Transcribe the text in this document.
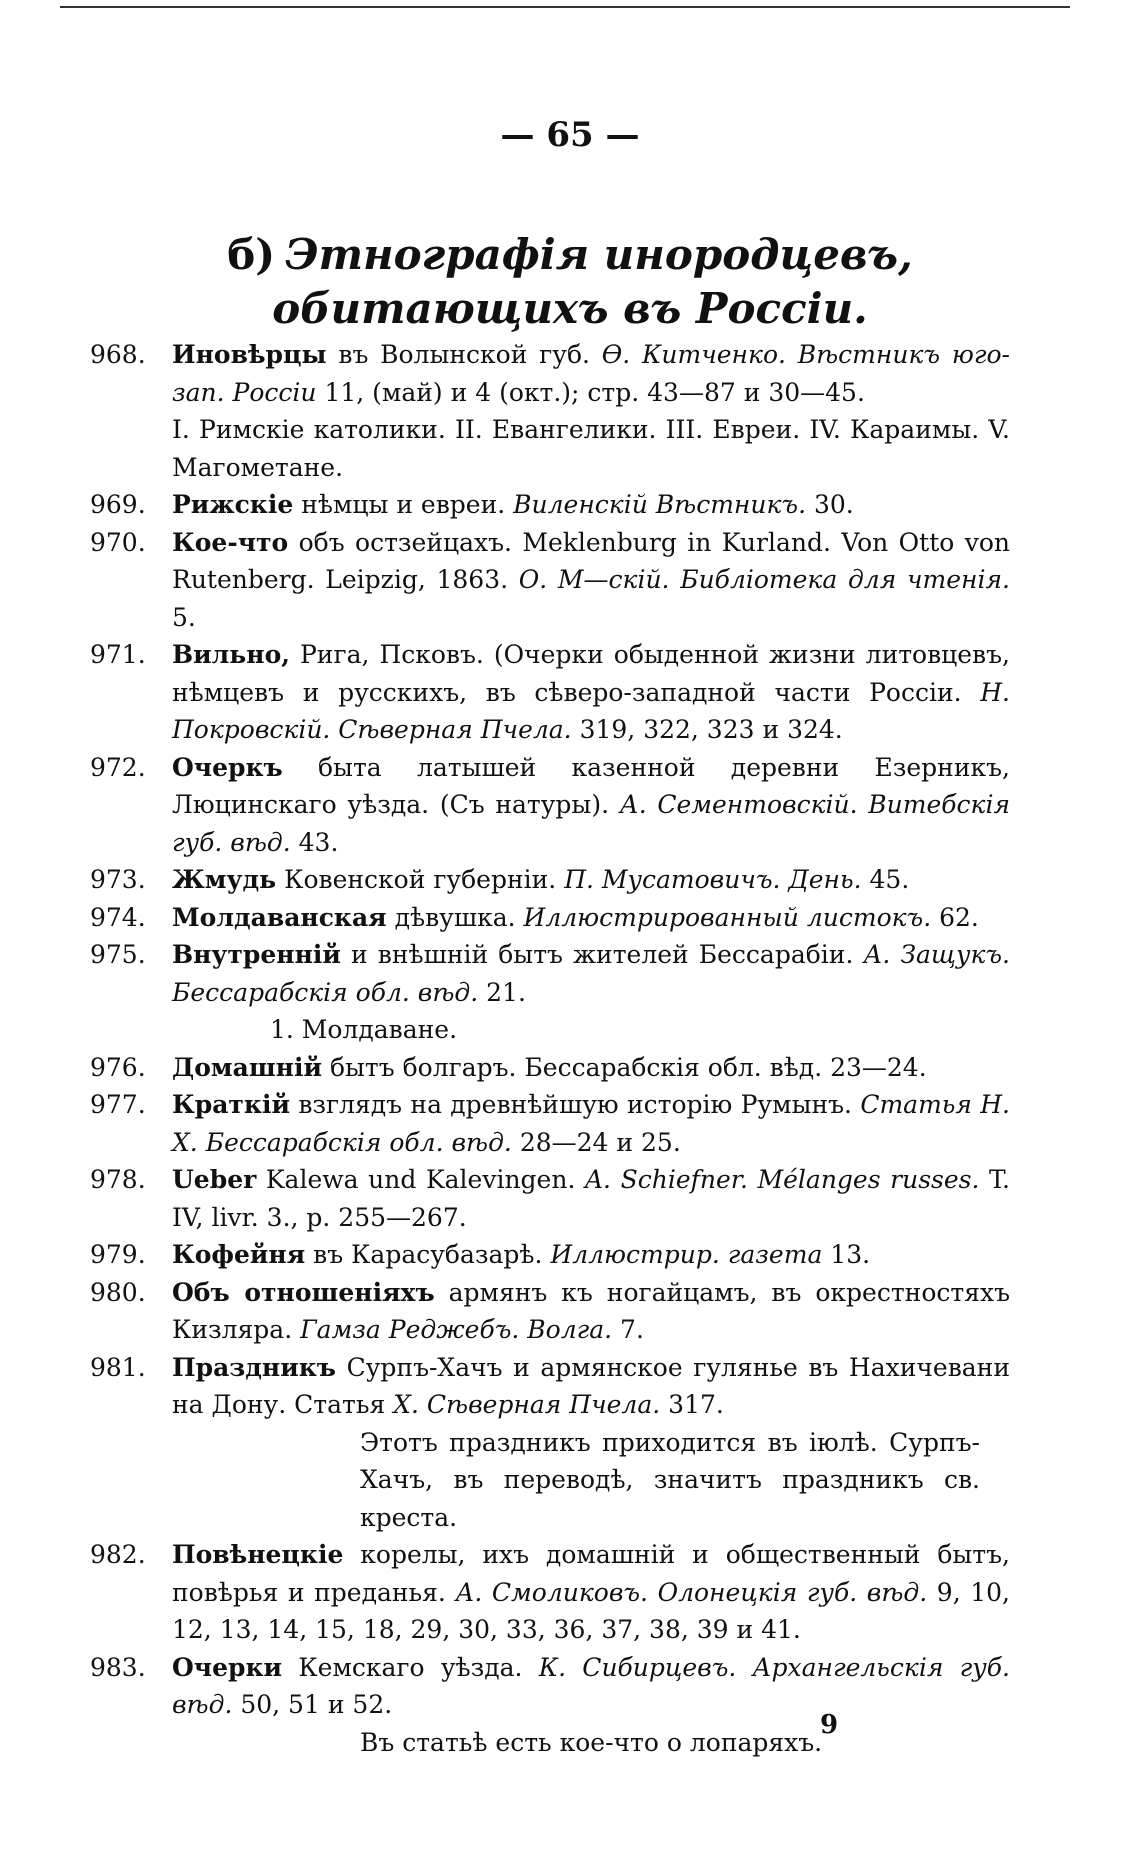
— 65 —
б) Этнографія инородцевъ, обитающихъ въ Россіи.
968.	Иновѣрцы въ Волынской губ. Ө. Китченко. Вѣстникъ юго-зап. Россіи 11, (май) и 4 (окт.); стр. 43—87 и 30—45.
I. Римскіе католики. II. Евангелики. III. Евреи. IV. Караимы. V. Магометане.
969.	Рижскіе нѣмцы и евреи. Виленскій Вѣстникъ. 30.
970.	Кое-что объ остзейцахъ. Meklenburg in Kurland. Von Otto von Rutenberg. Leipzig, 1863. О. М—скій. Библіотека для чтенія. 5.
971.	Вильно, Рига, Псковъ. (Очерки обыденной жизни литовцевъ, нѣмцевъ и русскихъ, въ сѣверо-западной части Россіи. Н. Покровскій. Сѣверная Пчела. 319, 322, 323 и 324.
972.	Очеркъ быта латышей казенной деревни Езерникъ, Люцинскаго уѣзда. (Съ натуры). А. Сементовскій. Витебскія губ. вѣд. 43.
973.	Жмудь Ковенской губерніи. П. Мусатовичъ. День. 45.
974.	Молдаванская дѣвушка. Иллюстрированный листокъ. 62.
975.	Внутренній и внѣшній бытъ жителей Бессарабіи. А. Защукъ. Бессарабскія обл. вѣд. 21.
1. Молдаване.
976.	Домашній бытъ болгаръ. Бессарабскія обл. вѣд. 23—24.
977.	Краткій взглядъ на древнѣйшую исторію Румынъ. Статья Н. Х. Бессарабскія обл. вѣд. 28—24 и 25.
978.	Ueber Kalewa und Kalevingen. A. Schiefner. Mélanges russes. T. IV, livr. 3., p. 255—267.
979.	Кофейня въ Карасубазарѣ. Иллюстрир. газета 13.
980.	Объ отношеніяхъ армянъ къ ногайцамъ, въ окрестностяхъ Кизляра. Гамза Реджебъ. Волга. 7.
981.	Праздникъ Сурпъ-Хачъ и армянское гулянье въ Нахичевани на Дону. Статья Х. Сѣверная Пчела. 317.
Этотъ праздникъ приходится въ іюлѣ. Сурпъ-Хачъ, въ переводѣ, значитъ праздникъ св. креста.
982.	Повѣнецкіе корелы, ихъ домашній и общественный бытъ, повѣрья и преданья. А. Смоликовъ. Олонецкія губ. вѣд. 9, 10, 12, 13, 14, 15, 18, 29, 30, 33, 36, 37, 38, 39 и 41.
983.	Очерки Кемскаго уѣзда. К. Сибирцевъ. Архангельскія губ. вѣд. 50, 51 и 52.
Въ статьѣ есть кое-что о лопаряхъ.
9
